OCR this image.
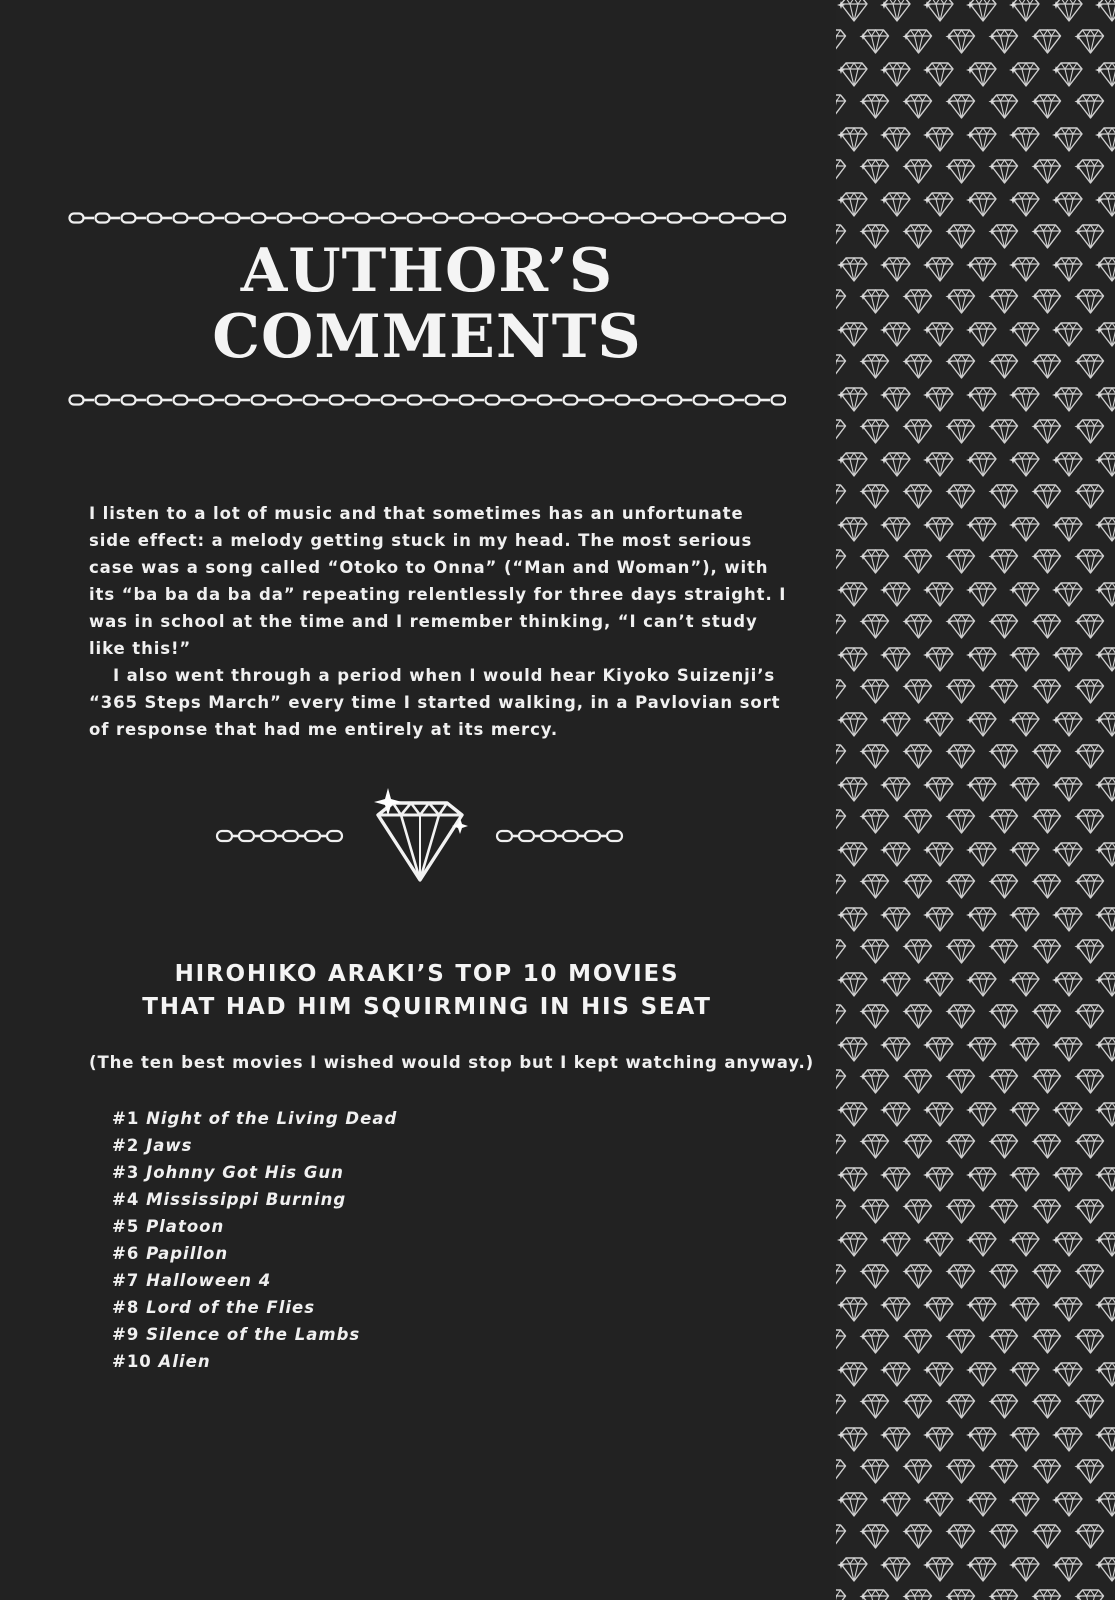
AUTHOR’S
COMMENTS

I listen to a lot of music and that sometimes has an unfortunate side effect: a melody getting stuck in my head. The most serious case was a song called “Otoko to Onna” (“Man and Woman”), with its “ba ba da ba da” repeating relentlessly for three days straight. I was in school at the time and I remember thinking, “I can’t study like this!”

I also went through a period when I would hear Kiyoko Suizenji’s “365 Steps March” every time I started walking, in a Pavlovian sort of response that had me entirely at its mercy.

HIROHIKO ARAKI’S TOP 10 MOVIES
THAT HAD HIM SQUIRMING IN HIS SEAT

(The ten best movies I wished would stop but I kept watching anyway.)

#1 Night of the Living Dead
#2 Jaws
#3 Johnny Got His Gun
#4 Mississippi Burning
#5 Platoon
#6 Papillon
#7 Halloween 4
#8 Lord of the Flies
#9 Silence of the Lambs
#10 Alien
